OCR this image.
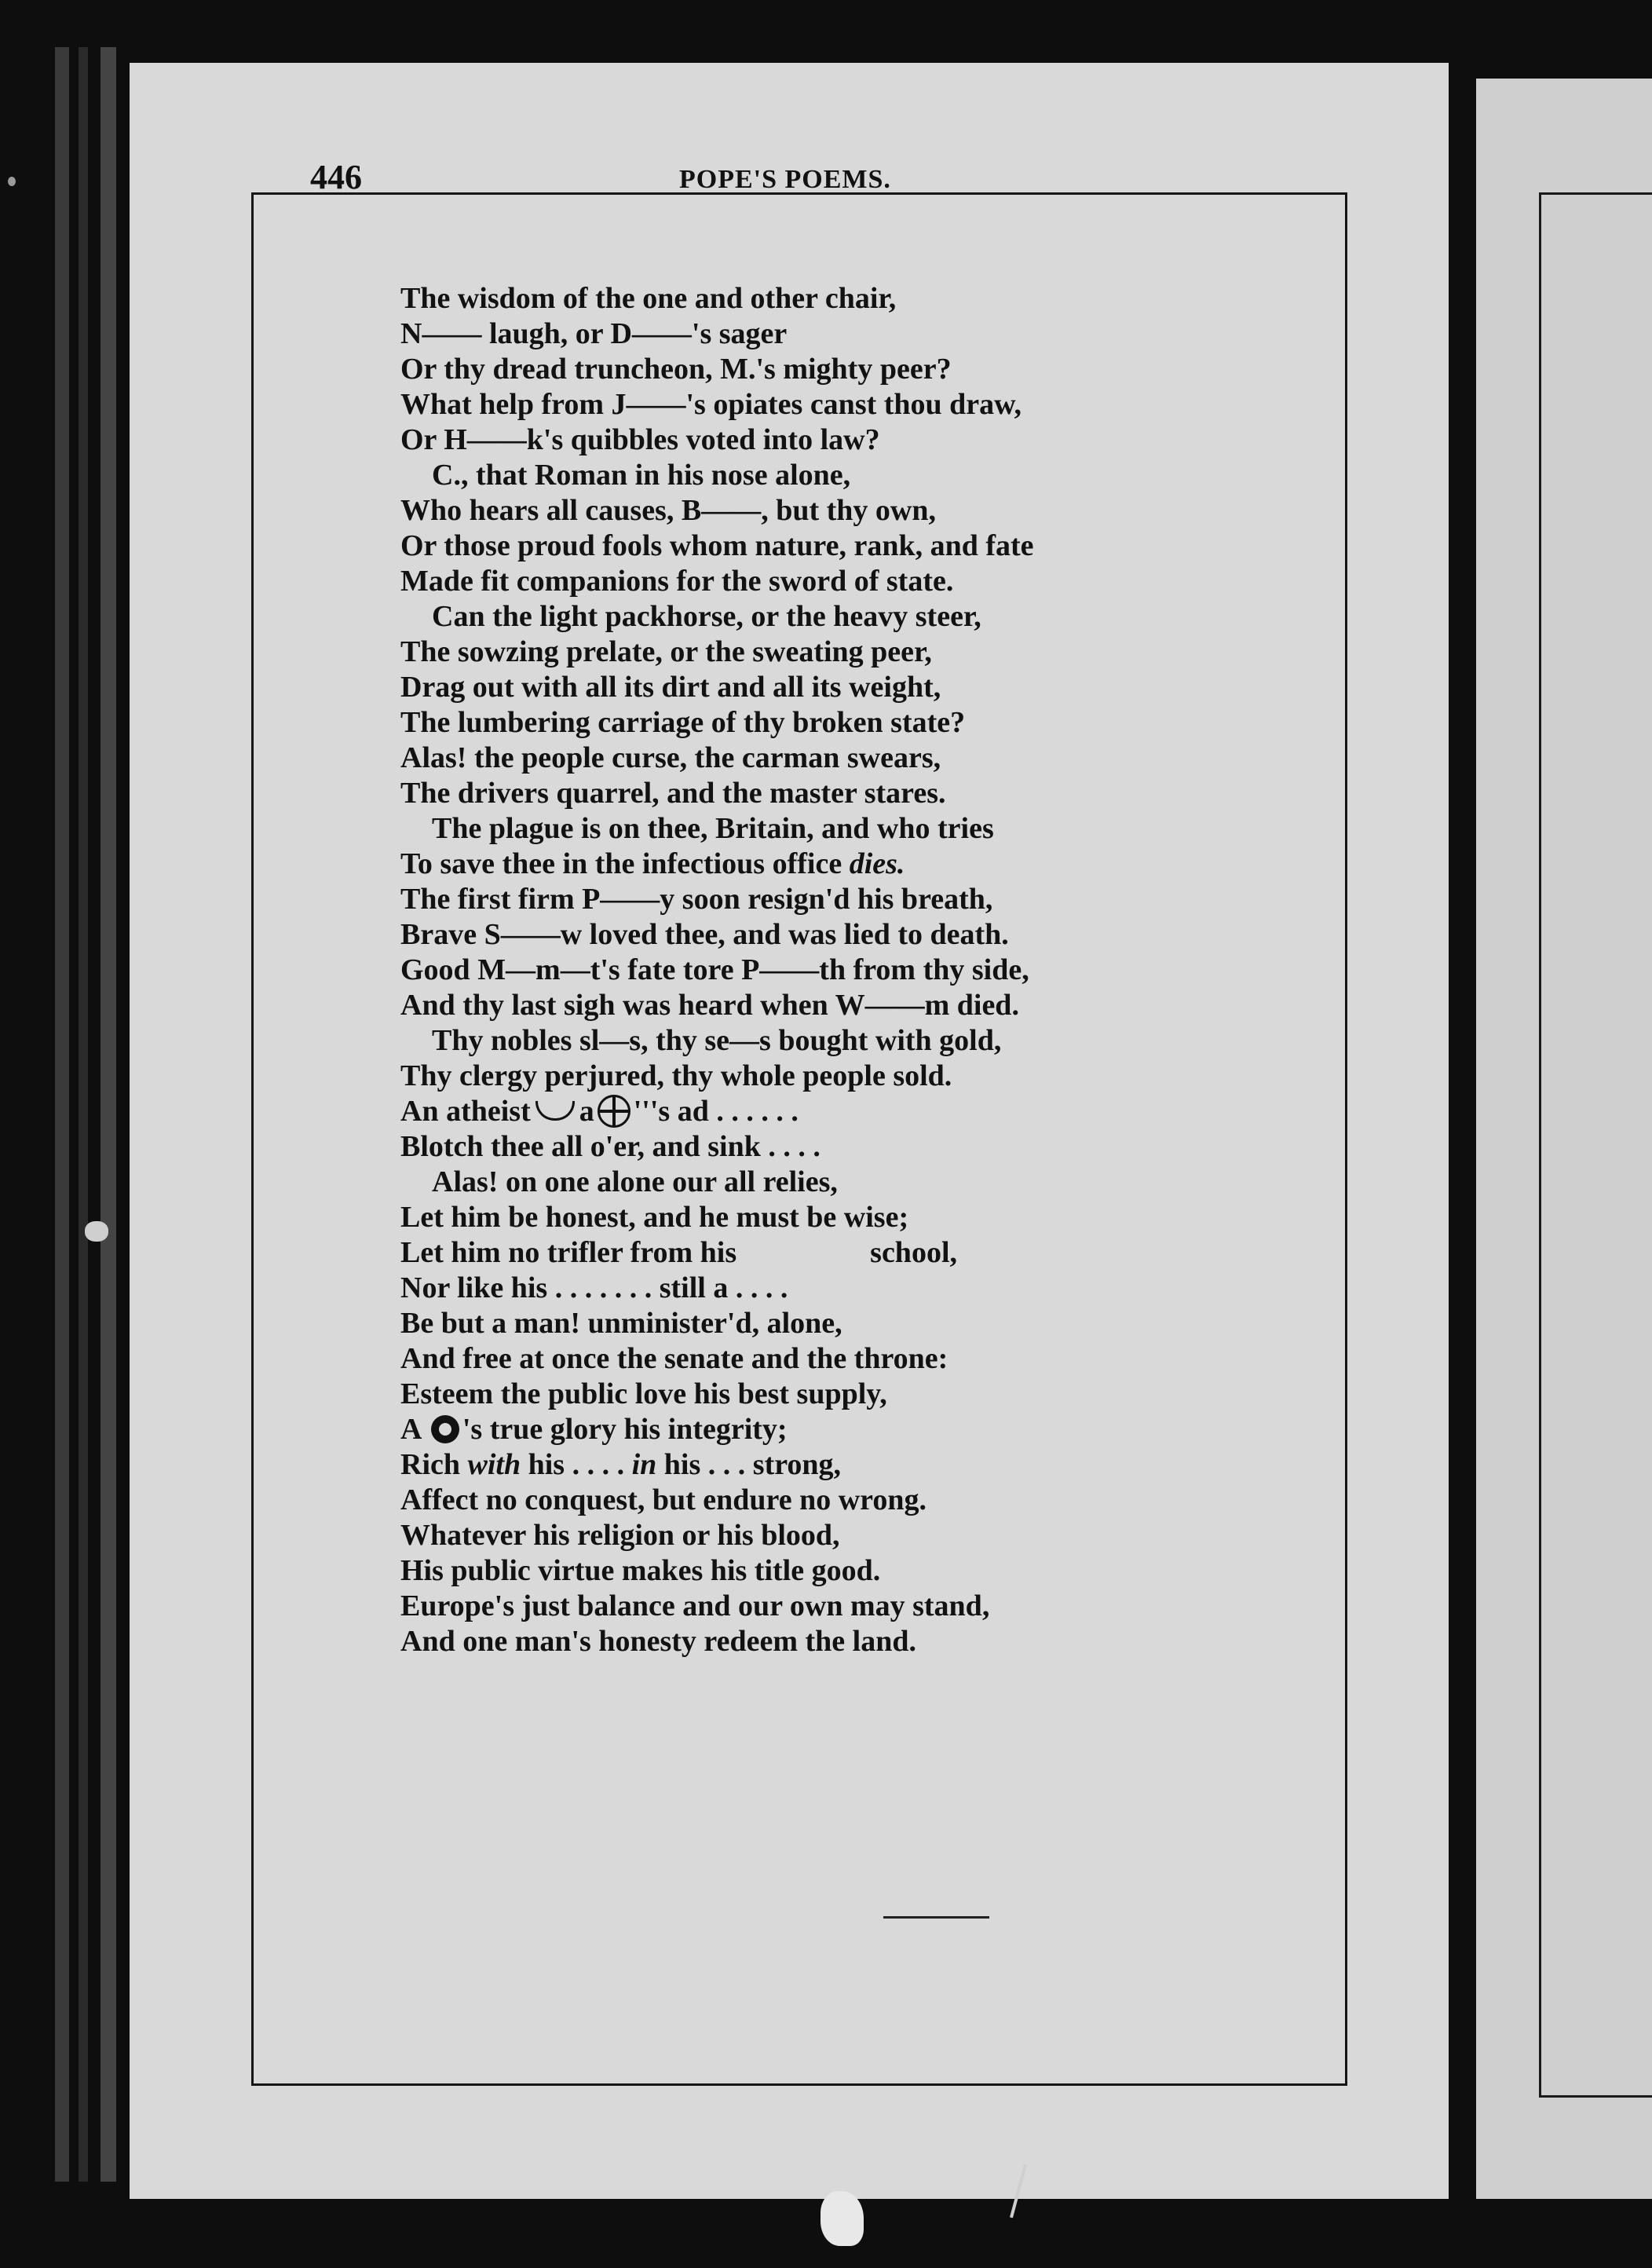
446	POPE'S POEMS.
The wisdom of the one and other chair,
N—— laugh, or D——'s sager
Or thy dread truncheon, M.'s mighty peer?
What help from J——'s opiates canst thou draw,
Or H——k's quibbles voted into law?
C., that Roman in his nose alone,
Who hears all causes, B——, but thy own,
Or those proud fools whom nature, rank, and fate
Made fit companions for the sword of state.
Can the light packhorse, or the heavy steer,
The sowzing prelate, or the sweating peer,
Drag out with all its dirt and all its weight,
The lumbering carriage of thy broken state?
Alas! the people curse, the carman swears,
The drivers quarrel, and the master stares.
The plague is on thee, Britain, and who tries
To save thee in the infectious office dies.
The first firm P——y soon resign'd his breath,
Brave S——w loved thee, and was lied to death.
Good M—m—t's fate tore P——th from thy side,
And thy last sigh was heard when W——m died.
Thy nobles sl—s, thy se—s bought with gold,
Thy clergy perjured, thy whole people sold.
An atheist a '''s ad . . . . . .
Blotch thee all o'er, and sink . . . .
Alas! on one alone our all relies,
Let him be honest, and he must be wise;
Let him no trifler from his	school,
Nor like his . . . . . . . still a . . . .
Be but a man! unminister'd, alone,
And free at once the senate and the throne:
Esteem the public love his best supply,
A 's true glory his integrity;
Rich with his . . . . in his . . . strong,
Affect no conquest, but endure no wrong.
Whatever his religion or his blood,
His public virtue makes his title good.
Europe's just balance and our own may stand,
And one man's honesty redeem the land.
